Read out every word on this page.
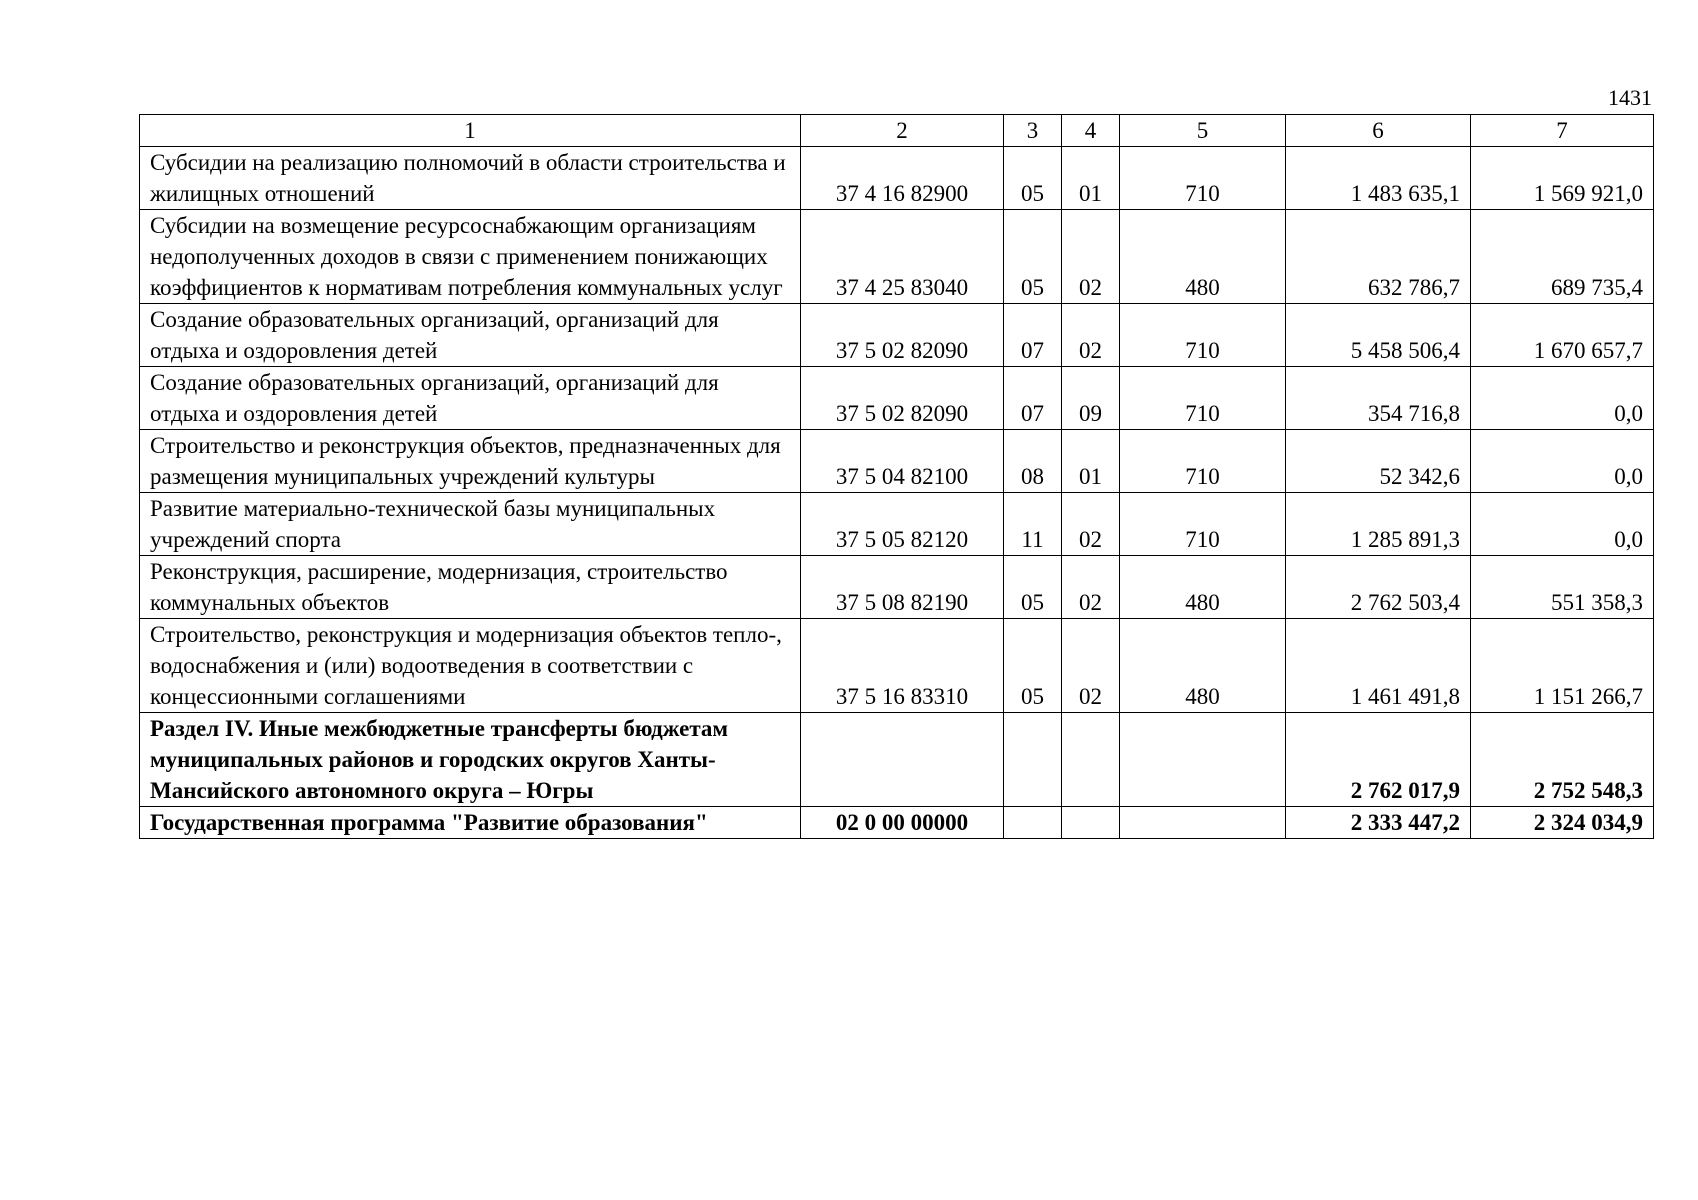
1431
1	2	3	4	5	6	7
Субсидии на реализацию полномочий в области строительства и жилищных отношений	37 4 16 82900	05	01	710	1 483 635,1	1 569 921,0
Субсидии на возмещение ресурсоснабжающим организациям недополученных доходов в связи с применением понижающих коэффициентов к нормативам потребления коммунальных услуг	37 4 25 83040	05	02	480	632 786,7	689 735,4
Создание образовательных организаций, организаций для отдыха и оздоровления детей	37 5 02 82090	07	02	710	5 458 506,4	1 670 657,7
Создание образовательных организаций, организаций для отдыха и оздоровления детей	37 5 02 82090	07	09	710	354 716,8	0,0
Строительство и реконструкция объектов, предназначенных для размещения муниципальных учреждений культуры	37 5 04 82100	08	01	710	52 342,6	0,0
Развитие материально-технической базы муниципальных учреждений спорта	37 5 05 82120	11	02	710	1 285 891,3	0,0
Реконструкция, расширение, модернизация, строительство коммунальных объектов	37 5 08 82190	05	02	480	2 762 503,4	551 358,3
Строительство, реконструкция и модернизация объектов тепло-, водоснабжения и (или) водоотведения в соответствии с концессионными соглашениями	37 5 16 83310	05	02	480	1 461 491,8	1 151 266,7
Раздел IV. Иные межбюджетные трансферты бюджетам муниципальных районов и городских округов Ханты-Мансийского автономного округа – Югры					2 762 017,9	2 752 548,3
Государственная программа "Развитие образования"	02 0 00 00000				2 333 447,2	2 324 034,9
